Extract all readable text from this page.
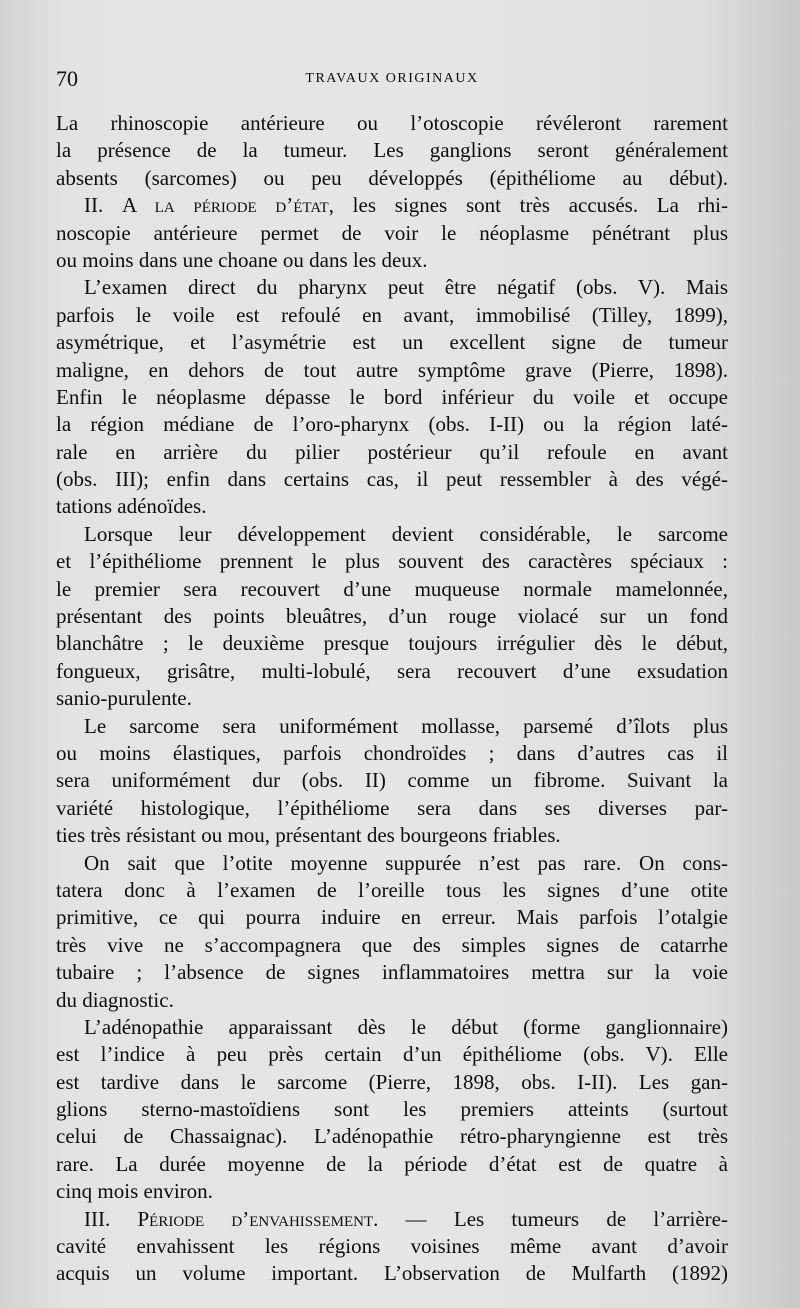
70	TRAVAUX ORIGINAUX
La rhinoscopie antérieure ou l’otoscopie révéleront rarement
la présence de la tumeur. Les ganglions seront généralement
absents (sarcomes) ou peu développés (épithéliome au début).
II. A la période d’état, les signes sont très accusés. La rhi-
noscopie antérieure permet de voir le néoplasme pénétrant plus
ou moins dans une choane ou dans les deux.
L’examen direct du pharynx peut être négatif (obs. V). Mais
parfois le voile est refoulé en avant, immobilisé (Tilley, 1899),
asymétrique, et l’asymétrie est un excellent signe de tumeur
maligne, en dehors de tout autre symptôme grave (Pierre, 1898).
Enfin le néoplasme dépasse le bord inférieur du voile et occupe
la région médiane de l’oro-pharynx (obs. I-II) ou la région laté-
rale en arrière du pilier postérieur qu’il refoule en avant
(obs. III); enfin dans certains cas, il peut ressembler à des végé-
tations adénoïdes.
Lorsque leur développement devient considérable, le sarcome
et l’épithéliome prennent le plus souvent des caractères spéciaux :
le premier sera recouvert d’une muqueuse normale mamelonnée,
présentant des points bleuâtres, d’un rouge violacé sur un fond
blanchâtre ; le deuxième presque toujours irrégulier dès le début,
fongueux, grisâtre, multi-lobulé, sera recouvert d’une exsudation
sanio-purulente.
Le sarcome sera uniformément mollasse, parsemé d’îlots plus
ou moins élastiques, parfois chondroïdes ; dans d’autres cas il
sera uniformément dur (obs. II) comme un fibrome. Suivant la
variété histologique, l’épithéliome sera dans ses diverses par-
ties très résistant ou mou, présentant des bourgeons friables.
On sait que l’otite moyenne suppurée n’est pas rare. On cons-
tatera donc à l’examen de l’oreille tous les signes d’une otite
primitive, ce qui pourra induire en erreur. Mais parfois l’otalgie
très vive ne s’accompagnera que des simples signes de catarrhe
tubaire ; l’absence de signes inflammatoires mettra sur la voie
du diagnostic.
L’adénopathie apparaissant dès le début (forme ganglionnaire)
est l’indice à peu près certain d’un épithéliome (obs. V). Elle
est tardive dans le sarcome (Pierre, 1898, obs. I-II). Les gan-
glions sterno-mastoïdiens sont les premiers atteints (surtout
celui de Chassaignac). L’adénopathie rétro-pharyngienne est très
rare. La durée moyenne de la période d’état est de quatre à
cinq mois environ.
III. Période d’envahissement. — Les tumeurs de l’arrière-
cavité envahissent les régions voisines même avant d’avoir
acquis un volume important. L’observation de Mulfarth (1892)
